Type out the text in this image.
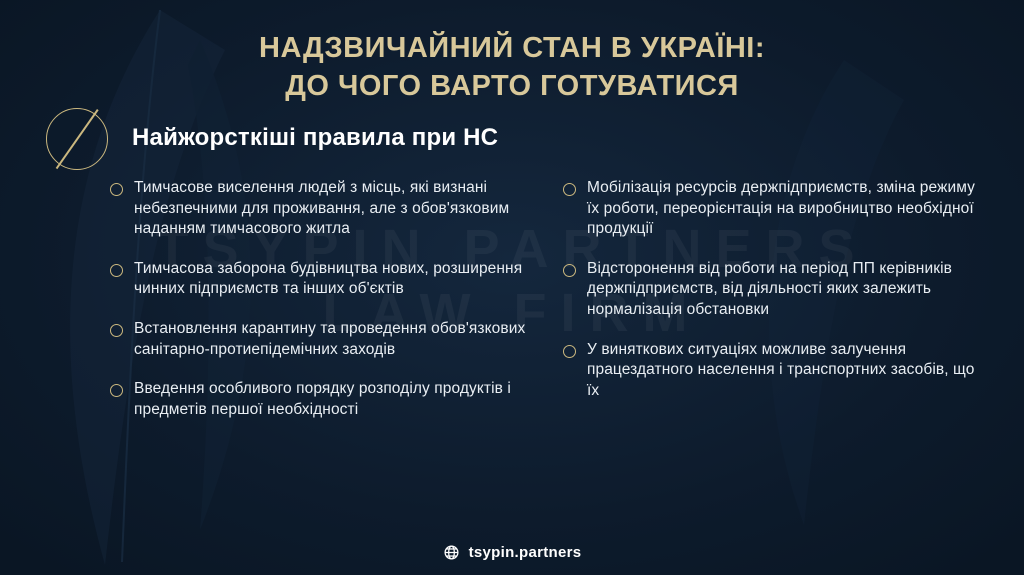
НАДЗВИЧАЙНИЙ СТАН В УКРАЇНІ:
ДО ЧОГО ВАРТО ГОТУВАТИСЯ
Найжорсткіші правила при НС
Тимчасове виселення людей з місць, які визнані небезпечними для проживання, але з обов'язковим наданням тимчасового житла
Тимчасова заборона будівництва нових, розширення чинних підприємств та інших об'єктів
Встановлення карантину та проведення обов'язкових санітарно-протиепідемічних заходів
Введення особливого порядку розподілу продуктів і предметів першої необхідності
Мобілізація ресурсів держпідприємств, зміна режиму їх роботи, переорієнтація на виробництво необхідної продукції
Відсторонення від роботи на період ПП керівників держпідприємств, від діяльності яких залежить нормалізація обстановки
У виняткових ситуаціях можливе залучення працездатного населення і транспортних засобів, що їх
tsypin.partners
